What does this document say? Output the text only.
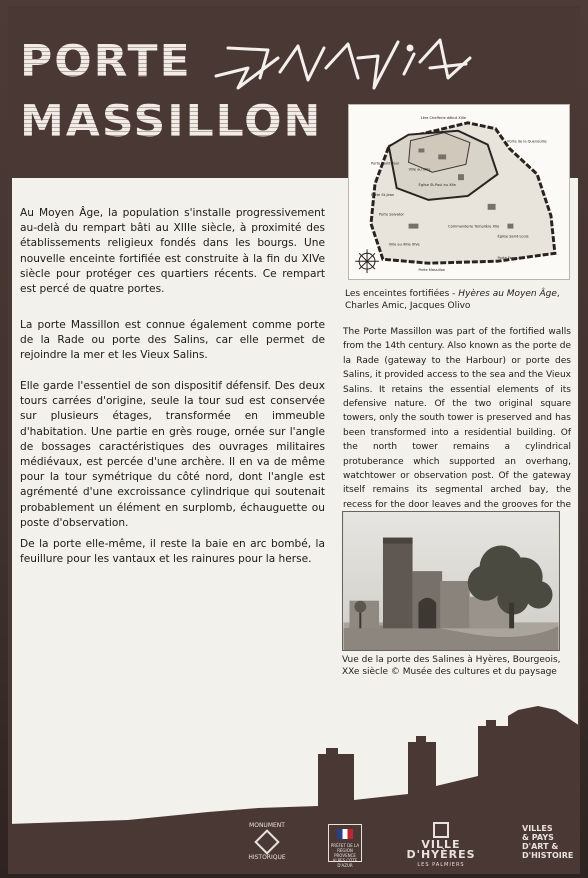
PORTE
MASSILLON	1ère Chefferie début XIIIe
Porte de la Quenouille
Porte Saint-Paul
Ville au XIIIe
Église St-Paul au XIIe
Porte St-Jean
Porte Salvator
Commanderie Templière XIIe
Ville au XIIIe XIVe
Porte Massillon
Église Saint-Louis
Porte Fenouillet
Les enceintes fortifiées - Hyères au Moyen Âge, Charles Amic, Jacques Olivo

Au Moyen Âge, la population s'installe progressivement au-delà du rempart bâti au XIIIe siècle, à proximité des établissements religieux fondés dans les bourgs. Une nouvelle enceinte fortifiée est construite à la fin du XIVe siècle pour protéger ces quartiers récents. Ce rempart est percé de quatre portes.

La porte Massillon est connue également comme porte de la Rade ou porte des Salins, car elle permet de rejoindre la mer et les Vieux Salins.

Elle garde l'essentiel de son dispositif défensif. Des deux tours carrées d'origine, seule la tour sud est conservée sur plusieurs étages, transformée en immeuble d'habitation. Une partie en grès rouge, ornée sur l'angle de bossages caractéristiques des ouvrages militaires médiévaux, est percée d'une archère. Il en va de même pour la tour symétrique du côté nord, dont l'angle est agrémenté d'une excroissance cylindrique qui soutenait probablement un élément en surplomb, échauguette ou poste d'observation.

De la porte elle-même, il reste la baie en arc bombé, la feuillure pour les vantaux et les rainures pour la herse.

The Porte Massillon was part of the fortified walls from the 14th century. Also known as the porte de la Rade (gateway to the Harbour) or porte des Salins, it provided access to the sea and the Vieux Salins. It retains the essential elements of its defensive nature. Of the two original square towers, only the south tower is preserved and has been transformed into a residential building. Of the north tower remains a cylindrical protuberance which supported an overhang, watchtower or observation post. Of the gateway itself remains its segmental arched bay, the recess for the door leaves and the grooves for the

Vue de la porte des Salines à Hyères, Bourgeois, XXe siècle © Musée des cultures et du paysage
MONUMENT
HISTORIQUE
PRÉFET DE LA RÉGION PROVENCE ALPES CÔTE D'AZUR
VILLE D'HYÈRES
LES PALMIERS
VILLES & PAYS D'ART & D'HISTOIRE
